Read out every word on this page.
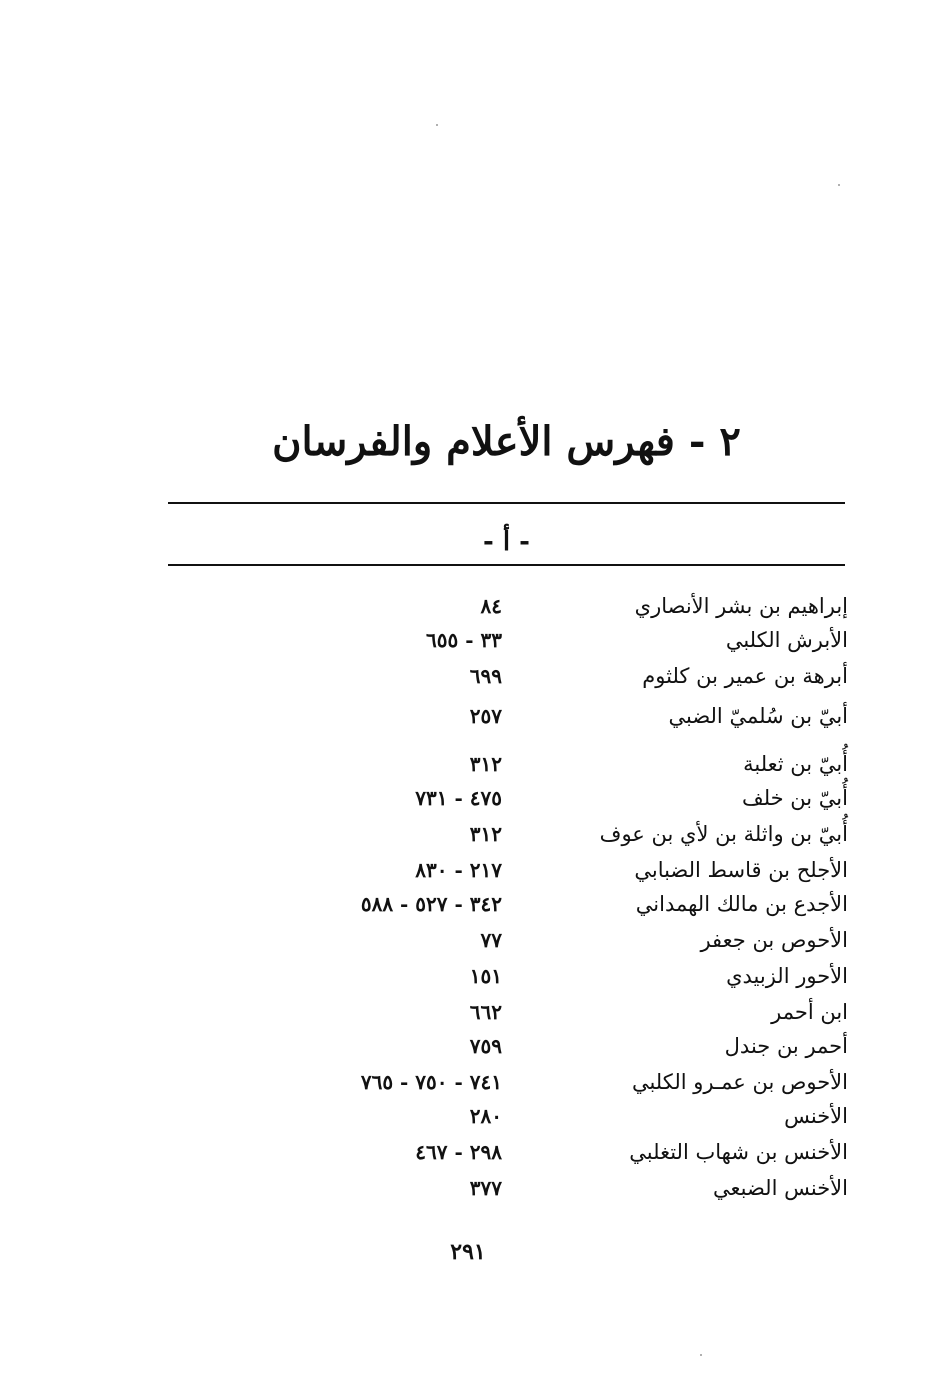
٢ - فهرس الأعلام والفرسان
- أ -
إبراهيم بن بشر الأنصاري
٨٤
الأبرش الكلبي
٣٣ - ٦٥٥
أبرهة بن عمير بن كلثوم
٦٩٩
أبيّ بن سُلميّ الضبي
٢٥٧
أُبيّ بن ثعلبة
٣١٢
أُبيّ بن خلف
٤٧٥ - ٧٣١
أُبيّ بن واثلة بن لأي بن عوف
٣١٢
الأجلح بن قاسط الضبابي
٢١٧ - ٨٣٠
الأجدع بن مالك الهمداني
٣٤٢ - ٥٢٧ - ٥٨٨
الأحوص بن جعفر
٧٧
الأحور الزبيدي
١٥١
ابن أحمر
٦٦٢
أحمر بن جندل
٧٥٩
الأحوص بن عمـرو الكلبي
٧٤١ - ٧٥٠ - ٧٦٥
الأخنس
٢٨٠
الأخنس بن شهاب التغلبي
٢٩٨ - ٤٦٧
الأخنس الضبعي
٣٧٧
٢٩١
